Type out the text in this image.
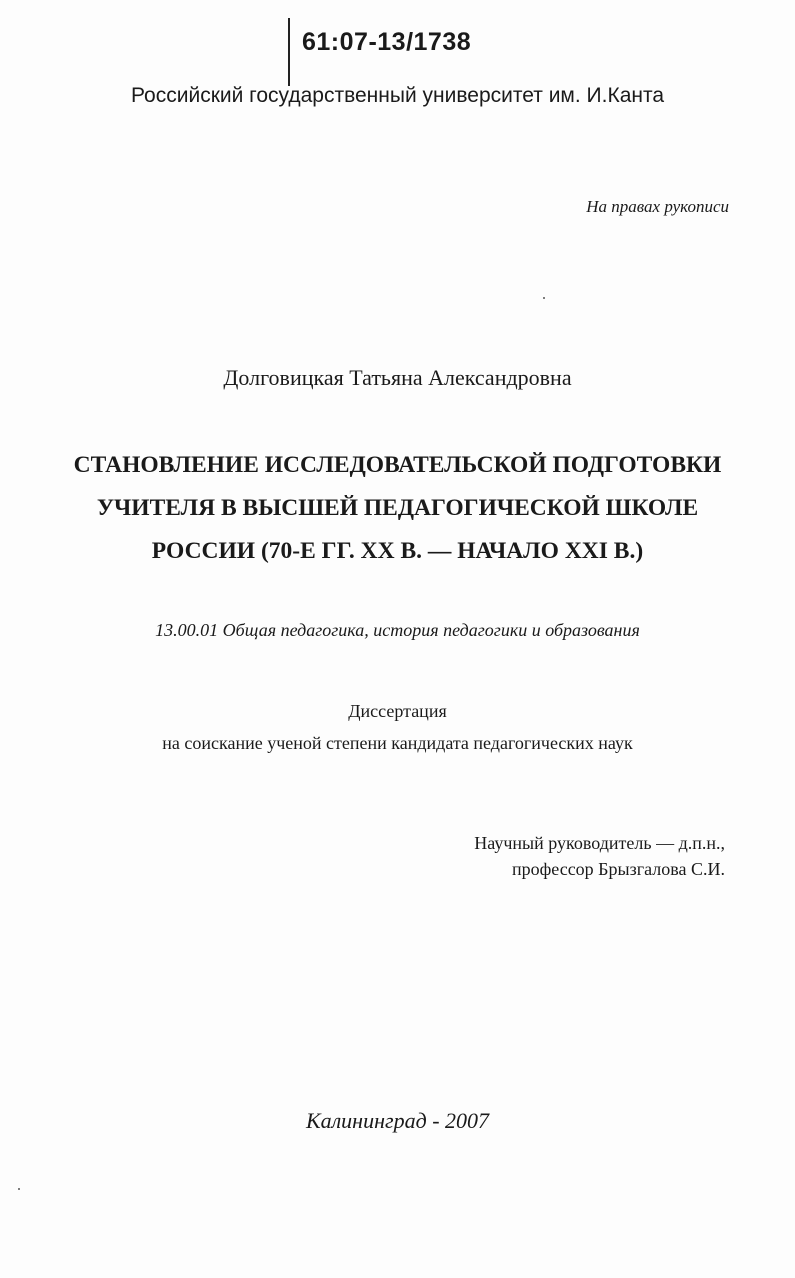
61:07-13/1738
Российский государственный университет им. И.Канта
На правах рукописи
Долговицкая Татьяна Александровна
СТАНОВЛЕНИЕ ИССЛЕДОВАТЕЛЬСКОЙ ПОДГОТОВКИ
УЧИТЕЛЯ В ВЫСШЕЙ ПЕДАГОГИЧЕСКОЙ ШКОЛЕ
РОССИИ (70-Е ГГ. XX В. — НАЧАЛО XXI В.)
13.00.01 Общая педагогика, история педагогики и образования
Диссертация
на соискание ученой степени кандидата педагогических наук
Научный руководитель — д.п.н.,
профессор Брызгалова С.И.
Калининград - 2007
